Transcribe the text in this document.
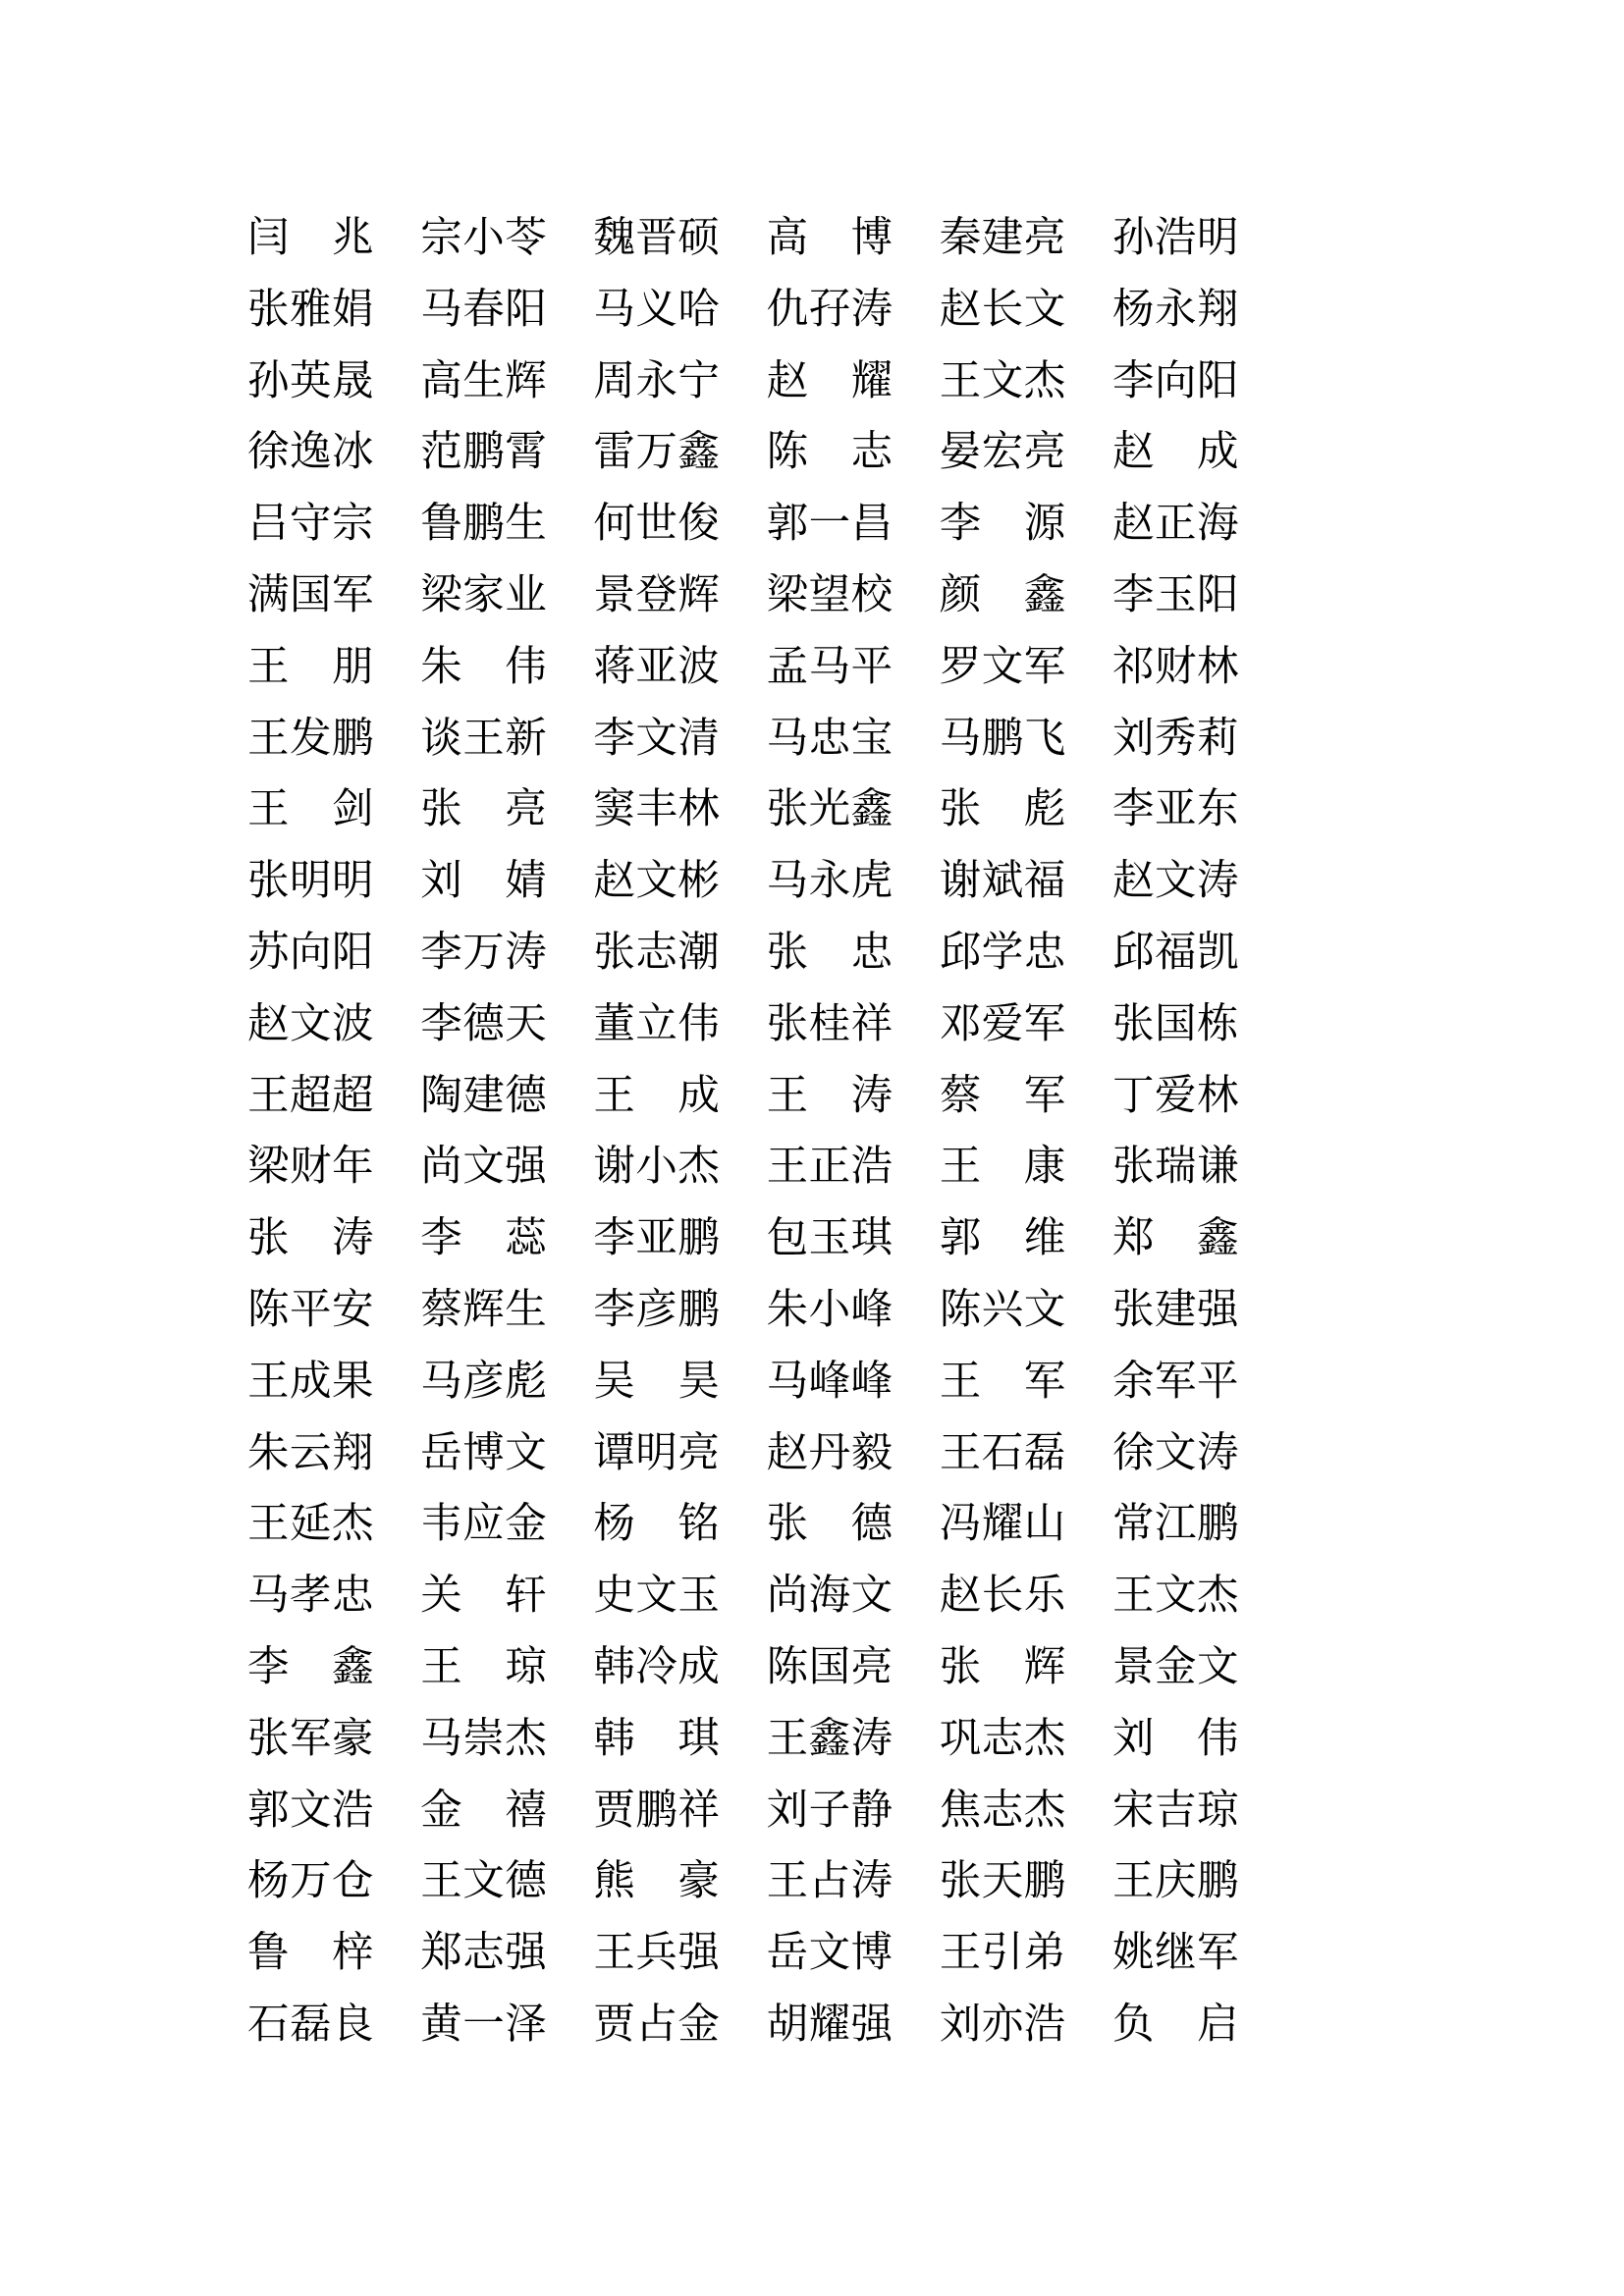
闫　兆 宗小苓 魏晋硕 高　博 秦建亮 孙浩明
张雅娟 马春阳 马义哈 仇孖涛 赵长文 杨永翔
孙英晟 高生辉 周永宁 赵　耀 王文杰 李向阳
徐逸冰 范鹏霄 雷万鑫 陈　志 晏宏亮 赵　成
吕守宗 鲁鹏生 何世俊 郭一昌 李　源 赵正海
满国军 梁家业 景登辉 梁望校 颜　鑫 李玉阳
王　朋 朱　伟 蒋亚波 孟马平 罗文军 祁财林
王发鹏 谈王新 李文清 马忠宝 马鹏飞 刘秀莉
王　剑 张　亮 窦丰林 张光鑫 张　彪 李亚东
张明明 刘　婧 赵文彬 马永虎 谢斌福 赵文涛
苏向阳 李万涛 张志潮 张　忠 邱学忠 邱福凯
赵文波 李德天 董立伟 张桂祥 邓爱军 张国栋
王超超 陶建德 王　成 王　涛 蔡　军 丁爱林
梁财年 尚文强 谢小杰 王正浩 王　康 张瑞谦
张　涛 李　蕊 李亚鹏 包玉琪 郭　维 郑　鑫
陈平安 蔡辉生 李彦鹏 朱小峰 陈兴文 张建强
王成果 马彦彪 吴　昊 马峰峰 王　军 余军平
朱云翔 岳博文 谭明亮 赵丹毅 王石磊 徐文涛
王延杰 韦应金 杨　铭 张　德 冯耀山 常江鹏
马孝忠 关　轩 史文玉 尚海文 赵长乐 王文杰
李　鑫 王　琼 韩冷成 陈国亮 张　辉 景金文
张军豪 马崇杰 韩　琪 王鑫涛 巩志杰 刘　伟
郭文浩 金　禧 贾鹏祥 刘子静 焦志杰 宋吉琼
杨万仓 王文德 熊　豪 王占涛 张天鹏 王庆鹏
鲁　梓 郑志强 王兵强 岳文博 王引弟 姚继军
石磊良 黄一泽 贾占金 胡耀强 刘亦浩 负　启
